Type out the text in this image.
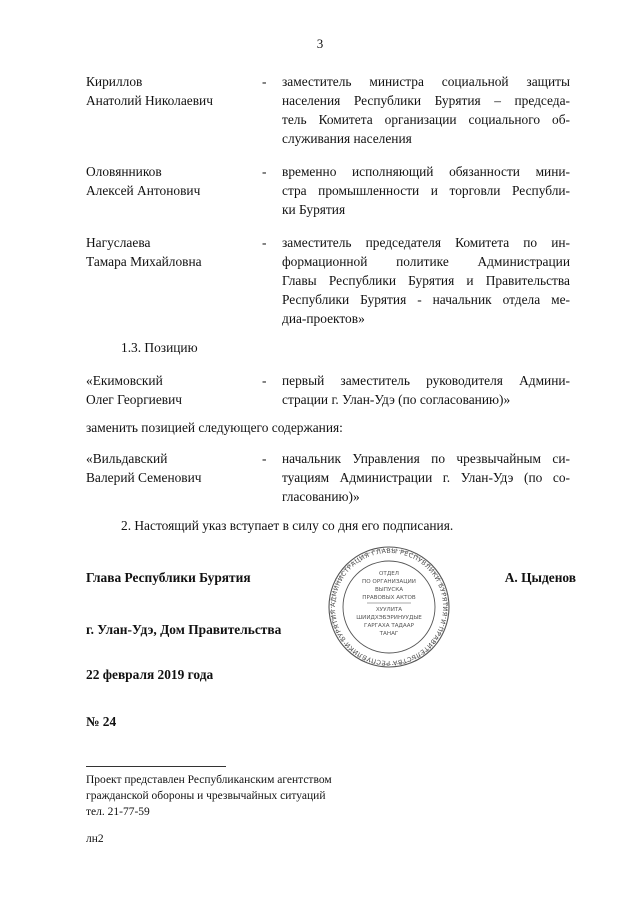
3
Кириллов
Анатолий Николаевич
- заместитель министра социальной защиты
населения Республики Бурятия – председа-
тель Комитета организации социального об-
служивания населения
Оловянников
Алексей Антонович
- временно исполняющий обязанности мини-
стра промышленности и торговли Республи-
ки Бурятия
Нагуслаева
Тамара Михайловна
- заместитель председателя Комитета по ин-
формационной политике Администрации
Главы Республики Бурятия и Правительства
Республики Бурятия - начальник отдела ме-
диа-проектов»
1.3. Позицию
«Екимовский
Олег Георгиевич
- первый заместитель руководителя Админи-
страции г. Улан-Удэ (по согласованию)»
заменить позицией следующего содержания:
«Вильдавский
Валерий Семенович
- начальник Управления по чрезвычайным си-
туациям Администрации г. Улан-Удэ (по со-
гласованию)»
2. Настоящий указ вступает в силу со дня его подписания.
Глава Республики Бурятия	А. Цыденов
АДМИНИСТРАЦИЯ ГЛАВЫ РЕСПУБЛИКИ БУРЯТИЯ И ПРАВИТЕЛЬСТВА РЕСПУБЛИКИ БУРЯТИЯ
ОТДЕЛ
ПО ОРГАНИЗАЦИИ
ВЫПУСКА
ПРАВОВЫХ АКТОВ
ХУУЛИТА
ШИИДХЭБЭРИНУУДЫЕ
ГАРГАХА ТАДААР
ТАНАГ
г. Улан-Удэ, Дом Правительства
22 февраля 2019 года
№ 24
Проект представлен Республиканским агентством
гражданской обороны и чрезвычайных ситуаций
тел. 21-77-59
лн2
